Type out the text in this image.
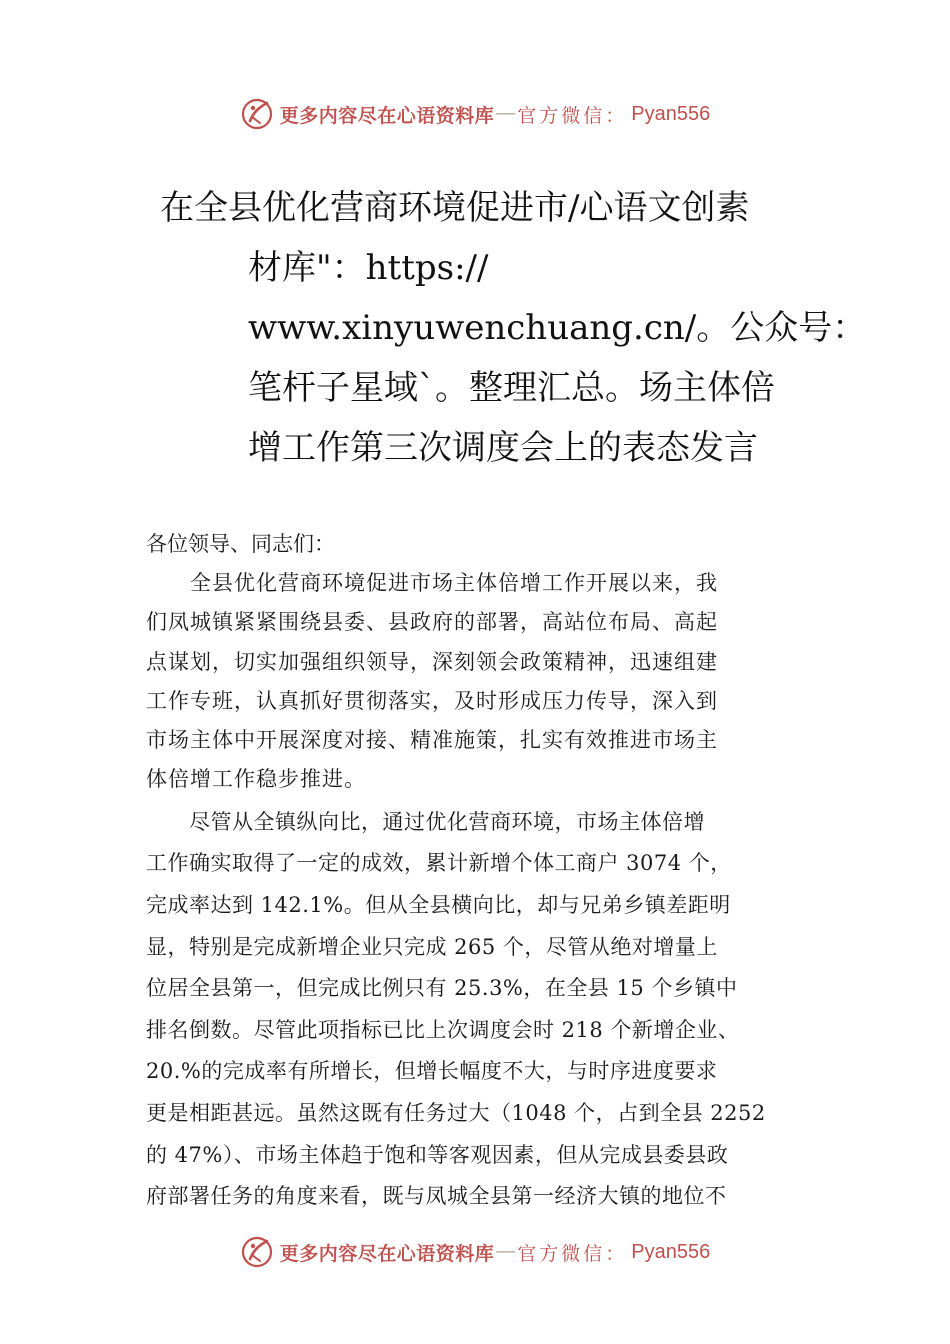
更多内容尽在心语资料库 — 官方微信： Pyan556
在全县优化营商环境促进市/心语文创素
材库"：https://
www.xinyuwenchuang.cn/。公众号：
笔杆子星域`。整理汇总。场主体倍
增工作第三次调度会上的表态发言
各位领导、同志们：

　　全县优化营商环境促进市场主体倍增工作开展以来，我

们凤城镇紧紧围绕县委、县政府的部署，高站位布局、高起

点谋划，切实加强组织领导，深刻领会政策精神，迅速组建

工作专班，认真抓好贯彻落实，及时形成压力传导，深入到

市场主体中开展深度对接、精准施策，扎实有效推进市场主

体倍增工作稳步推进。

　　尽管从全镇纵向比，通过优化营商环境，市场主体倍增

工作确实取得了一定的成效，累计新增个体工商户 3074 个，

完成率达到 142.1%。但从全县横向比，却与兄弟乡镇差距明

显，特别是完成新增企业只完成 265 个，尽管从绝对增量上

位居全县第一，但完成比例只有 25.3%，在全县 15 个乡镇中

排名倒数。尽管此项指标已比上次调度会时 218 个新增企业、

20.%的完成率有所增长，但增长幅度不大，与时序进度要求

更是相距甚远。虽然这既有任务过大（1048 个，占到全县 2252

的 47%）、市场主体趋于饱和等客观因素，但从完成县委县政

府部署任务的角度来看，既与凤城全县第一经济大镇的地位不

更多内容尽在心语资料库 — 官方微信： Pyan556
